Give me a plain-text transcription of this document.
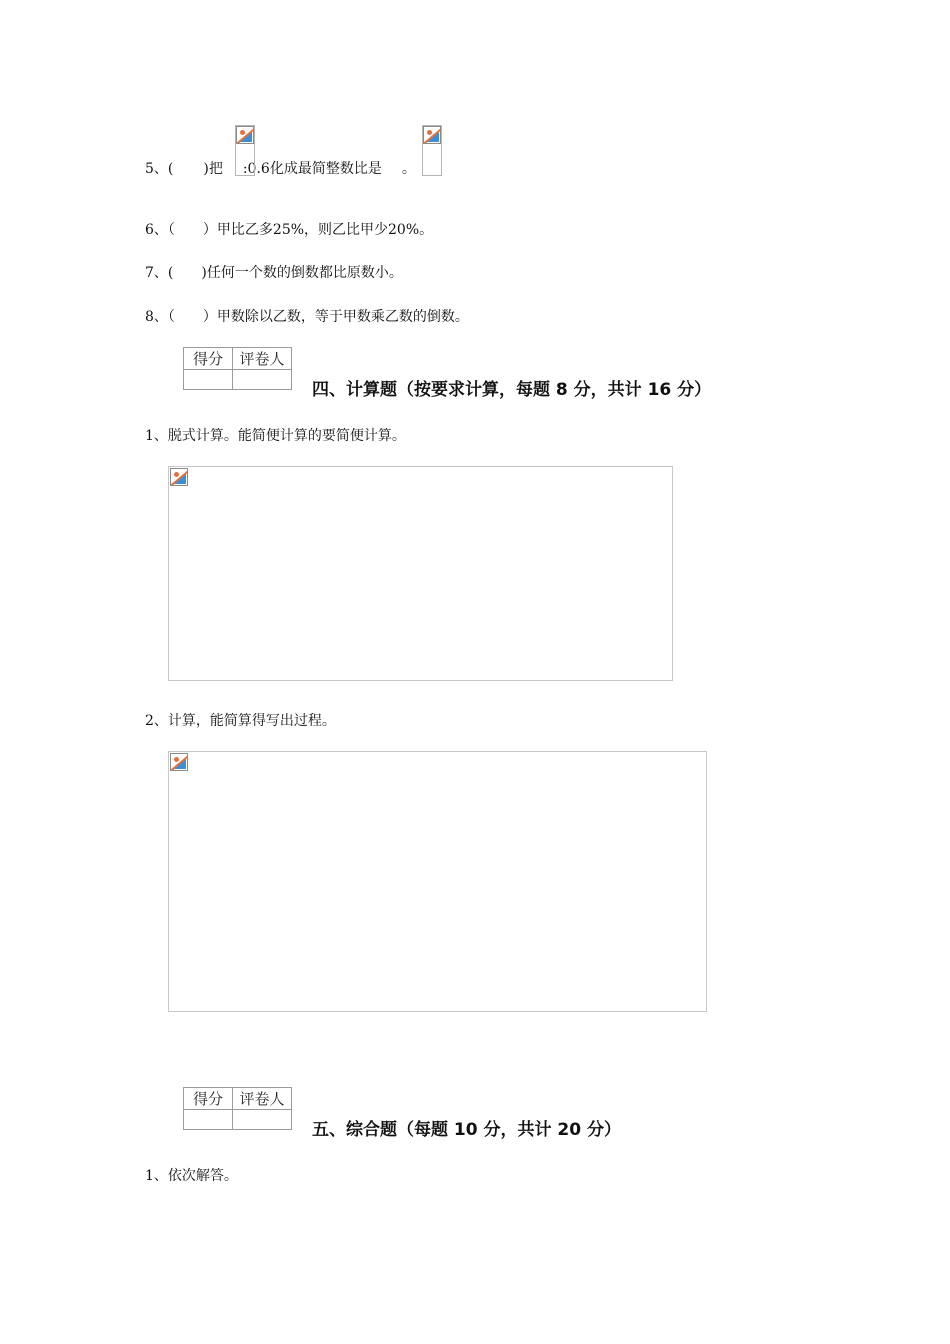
5、( )把 :0.6化成最简整数比是 。
6、（　　）甲比乙多25%，则乙比甲少20%。
7、(　　)任何一个数的倒数都比原数小。
8、（　　）甲数除以乙数，等于甲数乘乙数的倒数。
得分	评卷人

四、计算题（按要求计算，每题 8 分，共计 16 分）
1、脱式计算。能简便计算的要简便计算。
2、计算，能简算得写出过程。
得分	评卷人

五、综合题（每题 10 分，共计 20 分）
1、依次解答。
